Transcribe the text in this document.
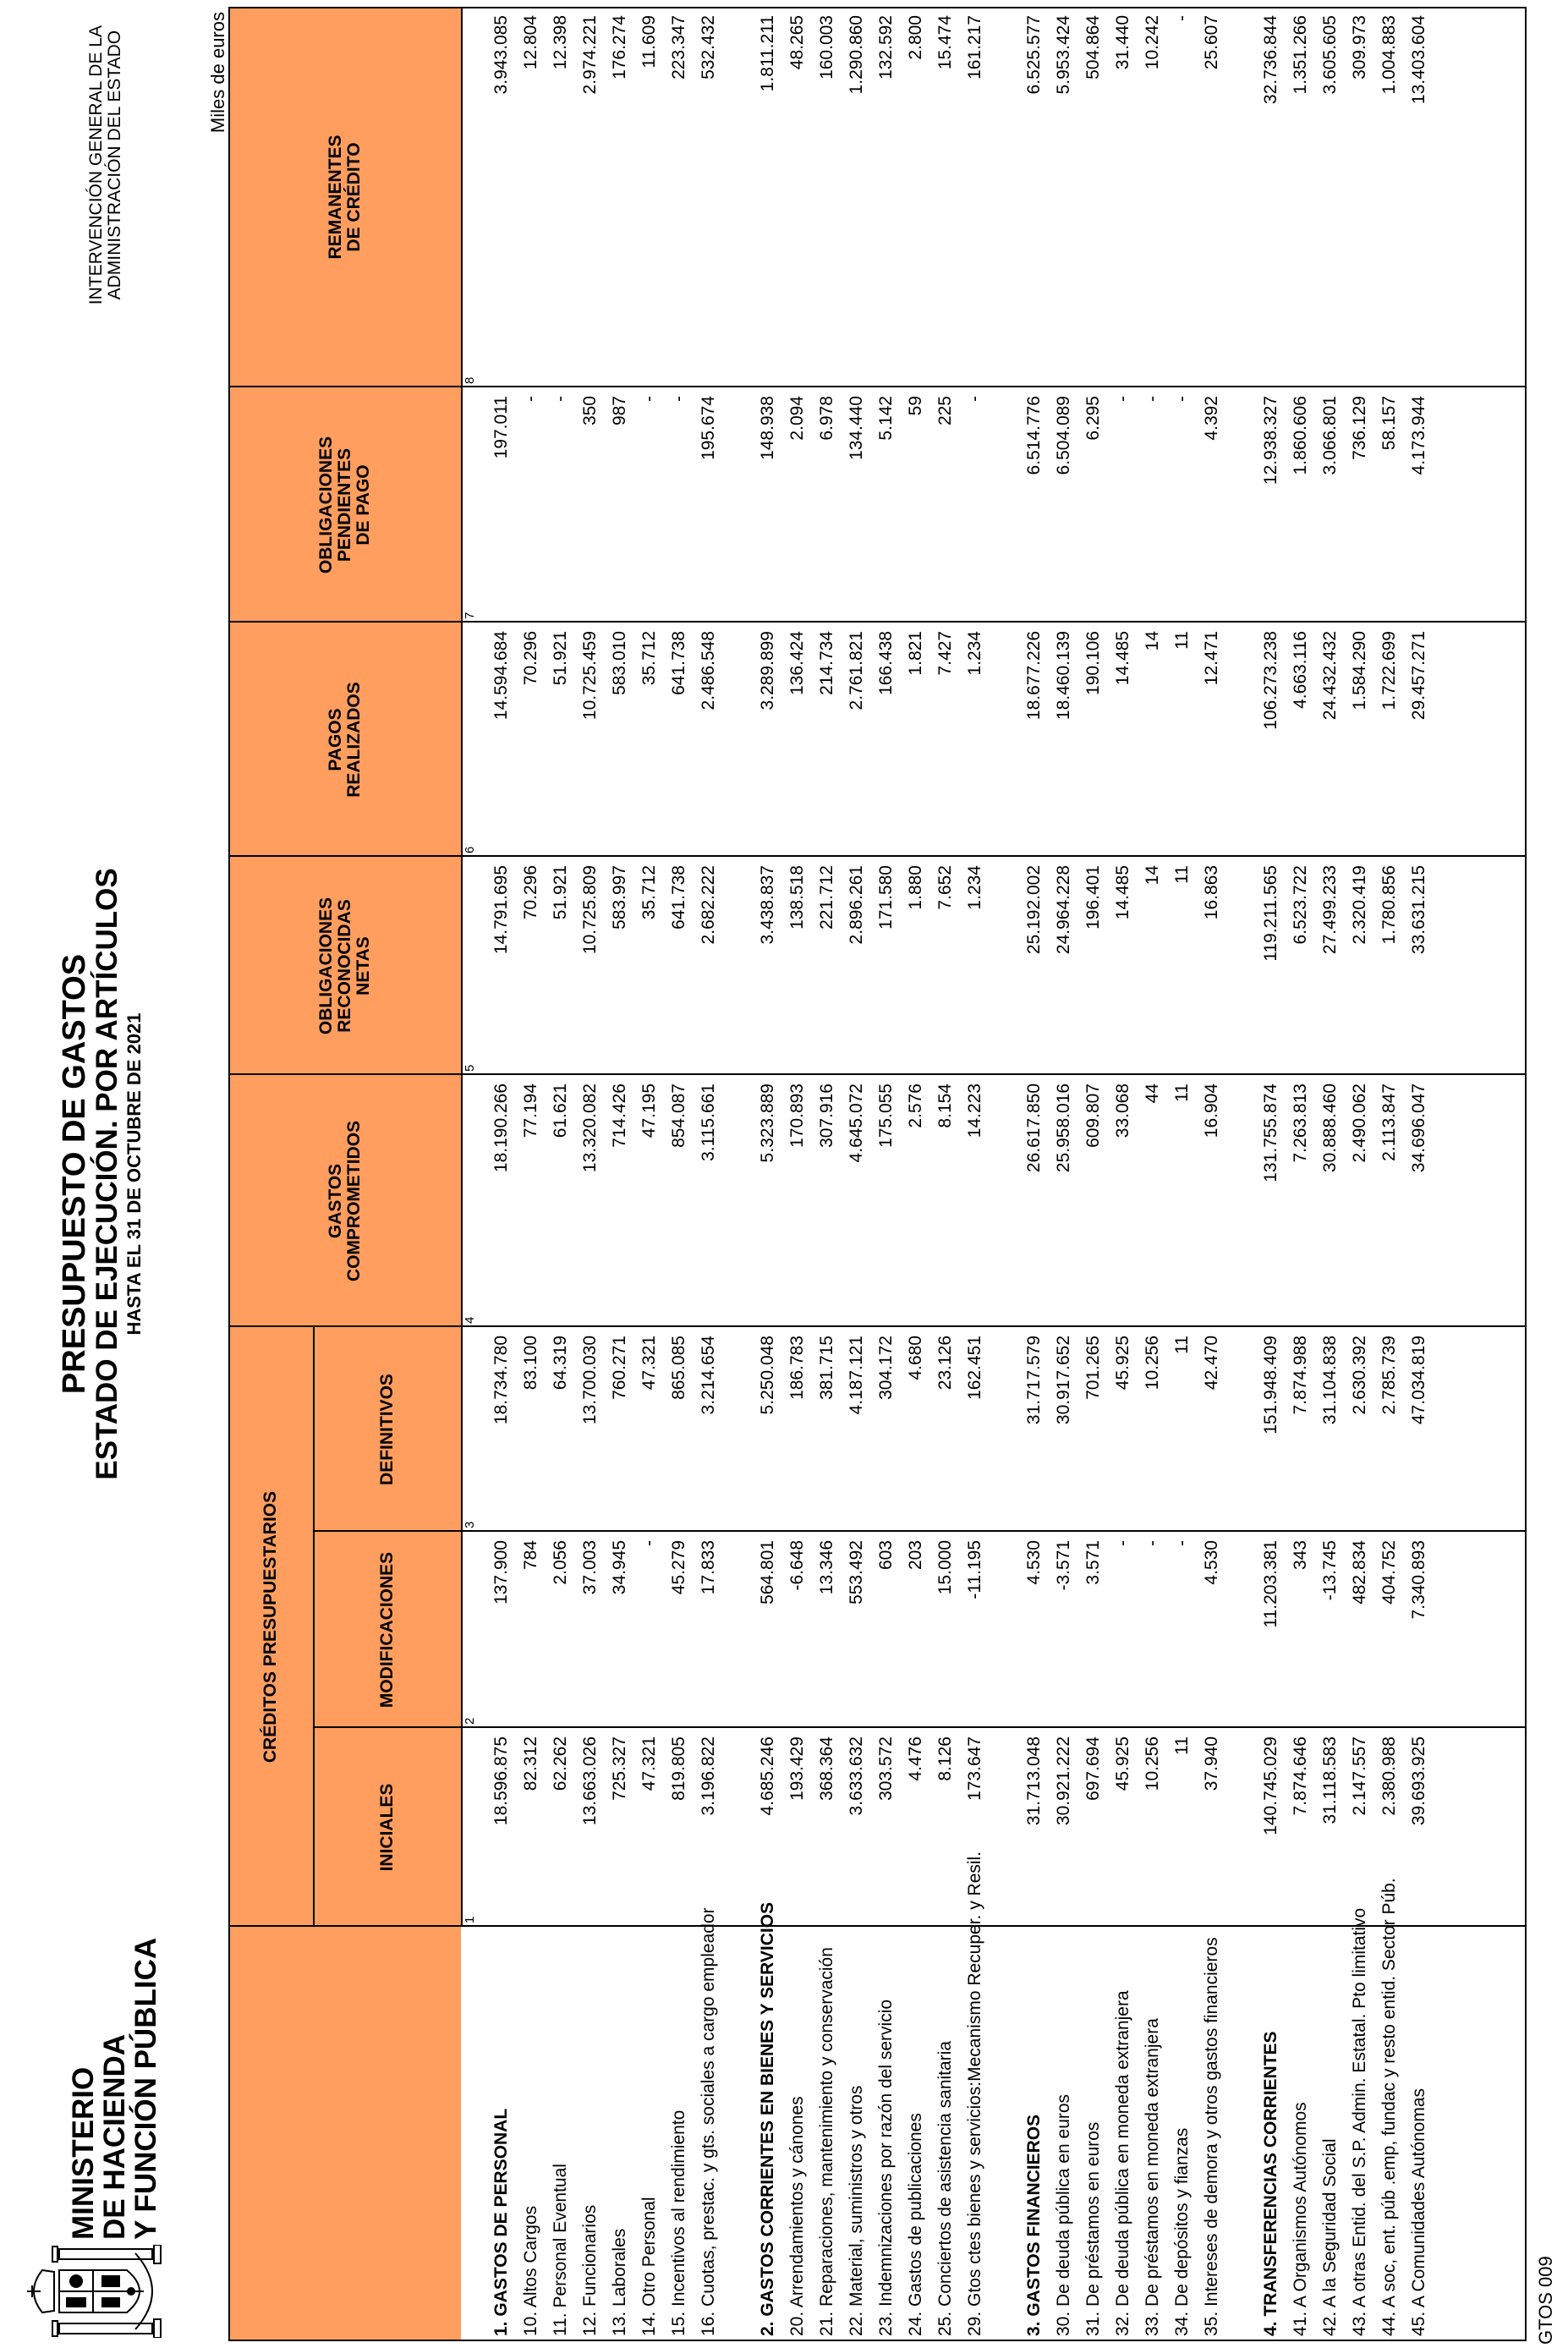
MINISTERIO
DE HACIENDA
Y FUNCIÓN PÚBLICA
PRESUPUESTO DE GASTOS
ESTADO DE EJECUCIÓN. POR ARTÍCULOS HASTA EL 31 DE OCTUBRE DE 2021
INTERVENCIÓN GENERAL DE LA ADMINISTRACIÓN DEL ESTADO	Miles de euros
CRÉDITOS PRESUPUESTARIOS
INICIALES
1
MODIFICACIONES
2
DEFINITIVOS
3
GASTOS
COMPROMETIDOS
4
OBLIGACIONES
RECONOCIDAS
NETAS
5
PAGOS
REALIZADOS
6
OBLIGACIONES
PENDIENTES
DE PAGO
7
REMANENTES
DE CRÉDITO
8
1. GASTOS DE PERSONAL
18.596.875
137.900
18.734.780
18.190.266
14.791.695
14.594.684
197.011
3.943.085
10. Altos Cargos
82.312
784
83.100
77.194
70.296
70.296
-
12.804
11. Personal Eventual
62.262
2.056
64.319
61.621
51.921
51.921
-
12.398
12. Funcionarios
13.663.026
37.003
13.700.030
13.320.082
10.725.809
10.725.459
350
2.974.221
13. Laborales
725.327
34.945
760.271
714.426
583.997
583.010
987
176.274
14. Otro Personal
47.321
-
47.321
47.195
35.712
35.712
-
11.609
15. Incentivos al rendimiento
819.805
45.279
865.085
854.087
641.738
641.738
-
223.347
16. Cuotas, prestac. y gts. sociales a cargo empleador
3.196.822
17.833
3.214.654
3.115.661
2.682.222
2.486.548
195.674
532.432
2. GASTOS CORRIENTES EN BIENES Y SERVICIOS
4.685.246
564.801
5.250.048
5.323.889
3.438.837
3.289.899
148.938
1.811.211
20. Arrendamientos y cánones
193.429
-6.648
186.783
170.893
138.518
136.424
2.094
48.265
21. Reparaciones, mantenimiento y conservación
368.364
13.346
381.715
307.916
221.712
214.734
6.978
160.003
22. Material, suministros y otros
3.633.632
553.492
4.187.121
4.645.072
2.896.261
2.761.821
134.440
1.290.860
23. Indemnizaciones por razón del servicio
303.572
603
304.172
175.055
171.580
166.438
5.142
132.592
24. Gastos de publicaciones
4.476
203
4.680
2.576
1.880
1.821
59
2.800
25. Conciertos de asistencia sanitaria
8.126
15.000
23.126
8.154
7.652
7.427
225
15.474
29. Gtos ctes bienes y servicios:Mecanismo Recuper. y Resil.
173.647
-11.195
162.451
14.223
1.234
1.234
-
161.217
3. GASTOS FINANCIEROS
31.713.048
4.530
31.717.579
26.617.850
25.192.002
18.677.226
6.514.776
6.525.577
30. De deuda pública en euros
30.921.222
-3.571
30.917.652
25.958.016
24.964.228
18.460.139
6.504.089
5.953.424
31. De préstamos en euros
697.694
3.571
701.265
609.807
196.401
190.106
6.295
504.864
32. De deuda pública en moneda extranjera
45.925
-
45.925
33.068
14.485
14.485
-
31.440
33. De préstamos en moneda extranjera
10.256
-
10.256
44
14
14
-
10.242
34. De depósitos y fianzas
11
-
11
11
11
11
-
-
35. Intereses de demora y otros gastos financieros
37.940
4.530
42.470
16.904
16.863
12.471
4.392
25.607
4. TRANSFERENCIAS CORRIENTES
140.745.029
11.203.381
151.948.409
131.755.874
119.211.565
106.273.238
12.938.327
32.736.844
41. A Organismos Autónomos
7.874.646
343
7.874.988
7.263.813
6.523.722
4.663.116
1.860.606
1.351.266
42. A la Seguridad Social
31.118.583
-13.745
31.104.838
30.888.460
27.499.233
24.432.432
3.066.801
3.605.605
43. A otras Entid. del S.P. Admin. Estatal. Pto limitativo
2.147.557
482.834
2.630.392
2.490.062
2.320.419
1.584.290
736.129
309.973
44. A soc, ent. púb .emp, fundac y resto entid. Sector Púb.
2.380.988
404.752
2.785.739
2.113.847
1.780.856
1.722.699
58.157
1.004.883
45. A Comunidades Autónomas
39.693.925
7.340.893
47.034.819
34.696.047
33.631.215
29.457.271
4.173.944
13.403.604
GTOS 009
